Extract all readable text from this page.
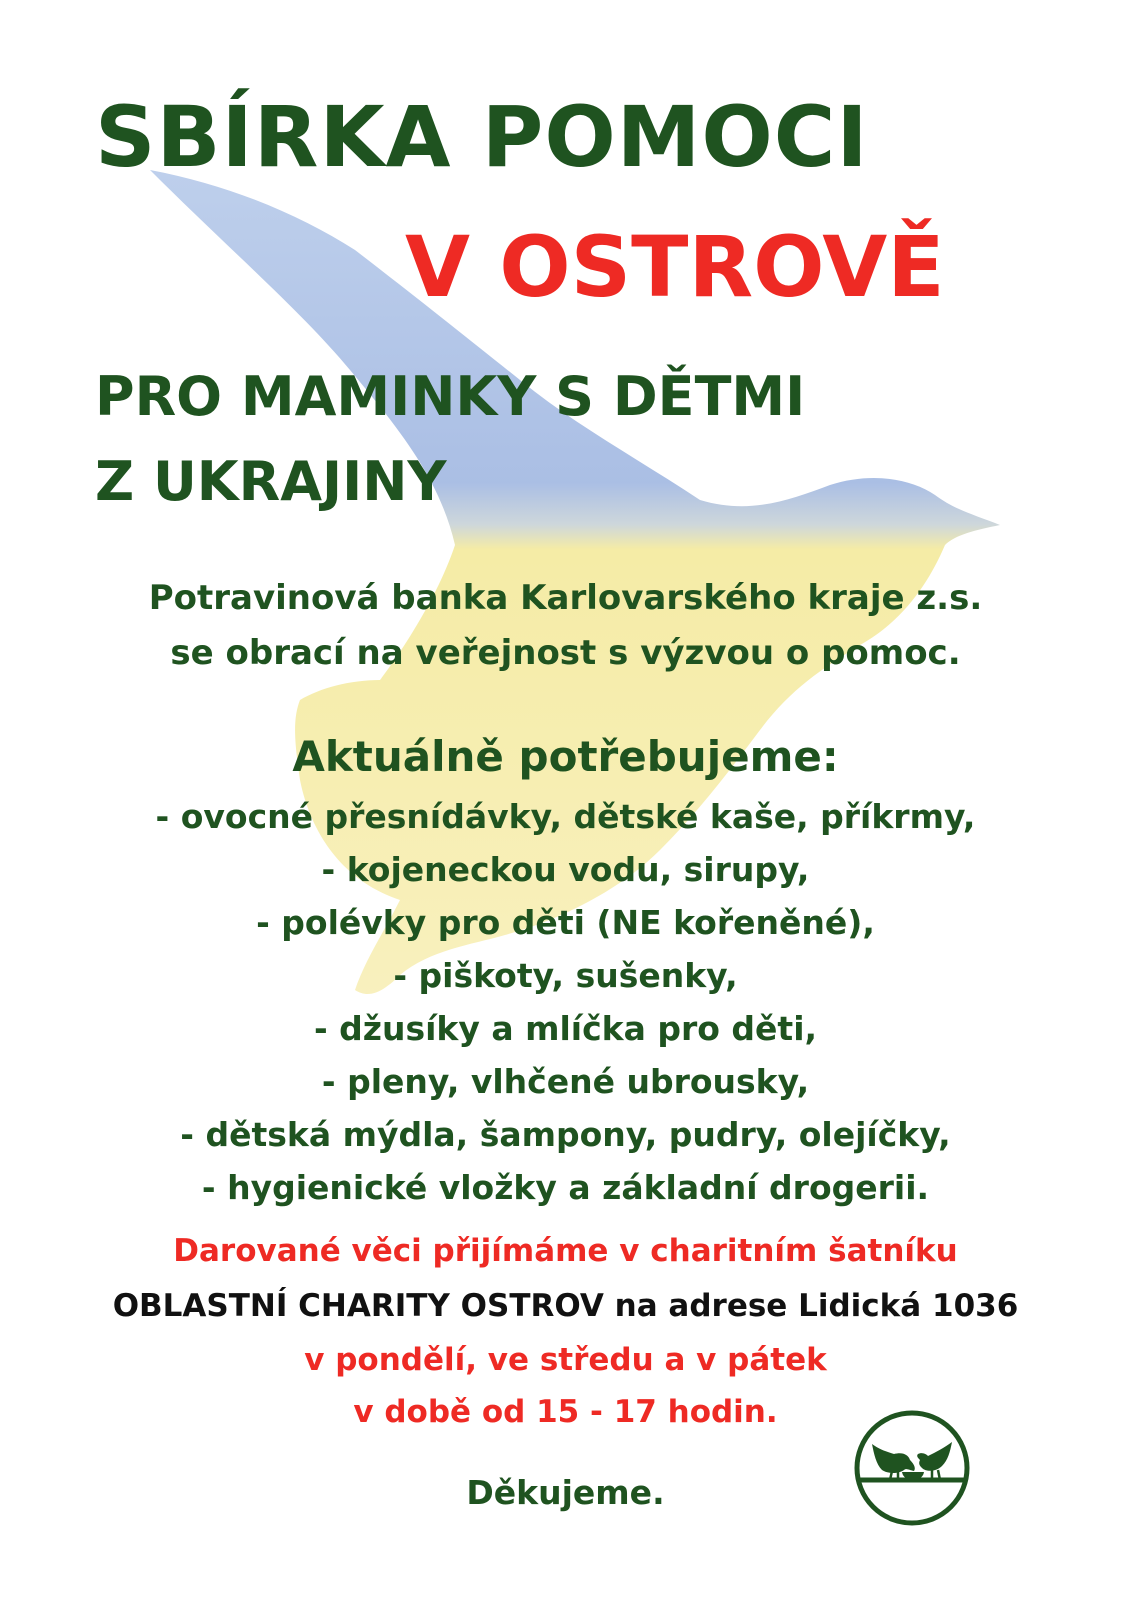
SBÍRKA POMOCI
V OSTROVĚ
PRO MAMINKY S DĚTMI
Z UKRAJINY

Potravinová banka Karlovarského kraje z.s.

se obrací na veřejnost s výzvou o pomoc.

Aktuálně potřebujeme:

- ovocné přesnídávky, dětské kaše, příkrmy,

- kojeneckou vodu, sirupy,

- polévky pro děti (NE kořeněné),

- piškoty, sušenky,

- džusíky a mlíčka pro děti,

- pleny, vlhčené ubrousky,

- dětská mýdla, šampony, pudry, olejíčky,

- hygienické vložky a základní drogerii.

Darované věci přijímáme v charitním šatníku

OBLASTNÍ CHARITY OSTROV na adrese Lidická 1036

v pondělí, ve středu a v pátek

v době od 15 - 17 hodin.

Děkujeme.
